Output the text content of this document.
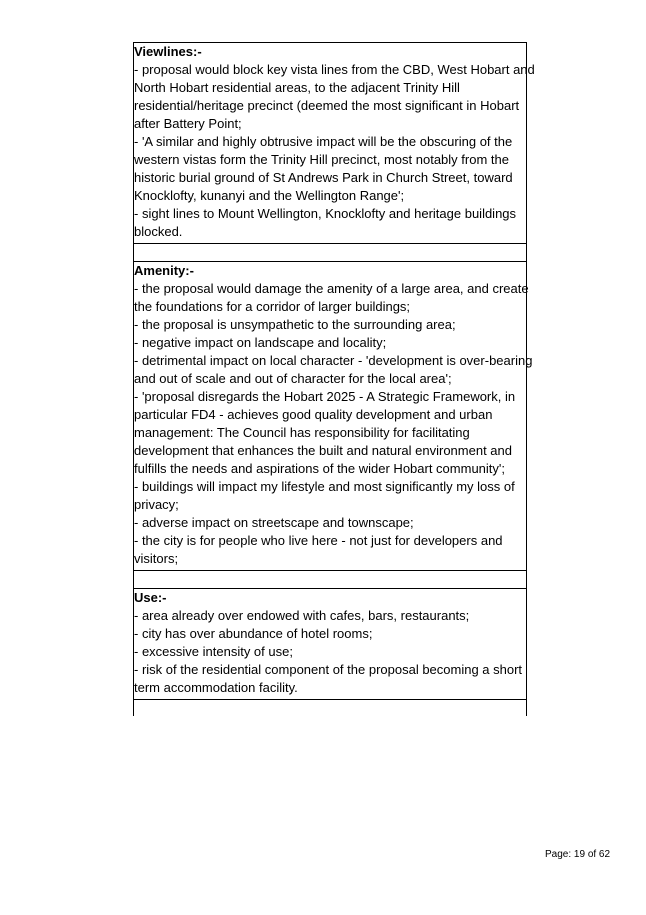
Viewlines:-

- proposal would block key vista lines from the CBD, West Hobart and

North Hobart residential areas, to the adjacent Trinity Hill

residential/heritage precinct (deemed the most significant in Hobart

after Battery Point;

- 'A similar and highly obtrusive impact will be the obscuring of the

western vistas form the Trinity Hill precinct, most notably from the

historic burial ground of St Andrews Park in Church Street, toward

Knocklofty, kunanyi and the Wellington Range';

- sight lines to Mount Wellington, Knocklofty and heritage buildings

blocked.

Amenity:-

- the proposal would damage the amenity of a large area, and create

the foundations for a corridor of larger buildings;

- the proposal is unsympathetic to the surrounding area;

- negative impact on landscape and locality;

- detrimental impact on local character - 'development is over-bearing

and out of scale and out of character for the local area';

- 'proposal disregards the Hobart 2025 - A Strategic Framework, in

particular FD4 - achieves good quality development and urban

management: The Council has responsibility for facilitating

development that enhances the built and natural environment and

fulfills the needs and aspirations of the wider Hobart community';

- buildings will impact my lifestyle and most significantly my loss of

privacy;

- adverse impact on streetscape and townscape;

- the city is for people who live here - not just for developers and

visitors;

Use:-

- area already over endowed with cafes, bars, restaurants;

- city has over abundance of hotel rooms;

- excessive intensity of use;

- risk of the residential component of the proposal becoming a short

term accommodation facility.

Page: 19 of 62
